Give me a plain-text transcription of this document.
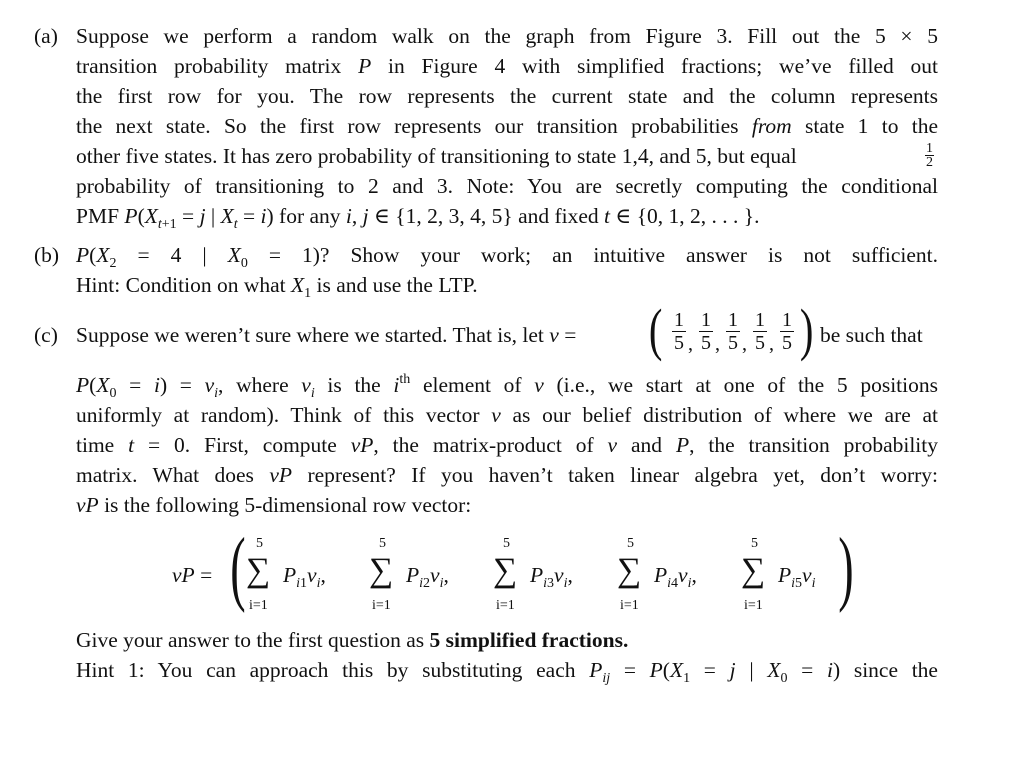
(a) Suppose we perform a random walk on the graph from Figure 3. Fill out the 5 × 5
transition probability matrix P in Figure 4 with simplified fractions; we’ve filled out
the first row for you. The row represents the current state and the column represents
the next state. So the first row represents our transition probabilities from state 1 to the
other five states. It has zero probability of transitioning to state 1,4, and 5, but equal	$\frac{1}{2}$
probability of transitioning to 2 and 3. Note: You are secretly computing the conditional
PMF $P(X_{t+1} = j$ | $X_t = i$) for any i, j ∈ {1, 2, 3, 4, 5} and fixed t ∈ {0, 1, 2, . . . }.
(b) $P(X_2 = 4$ | $X_0 = 1$)? Show your work; an intuitive answer is not sufficient.
Hint: Condition on what $X_1$ is and use the LTP.
(c) Suppose we weren’t sure where we started. That is, let v = ( 1
5 ,
1
5 ,
1
5 ,
1
5 ,
1
5 ) be such that
$P(X_0 = i) = v_i$, where $v_i$ is the $i^{th}$ element of v (i.e., we start at one of the 5 positions
uniformly at random). Think of this vector v as our belief distribution of where we are at
time t = 0. First, compute vP, the matrix-product of v and P, the transition probability
matrix. What does vP represent? If you haven’t taken linear algebra yet, don’t worry:
vP is the following 5-dimensional row vector:
vP = ( 5
∑
i=1
$P_{i1}v_i$,
5
∑
i=1
$P_{i2}v_i$,
5
∑
i=1
$P_{i3}v_i$,
5
∑
i=1
$P_{i4}v_i$,
5
∑
i=1
$P_{i5}v_i$ )
Give your answer to the first question as 5 simplified fractions.
Hint 1: You can approach this by substituting each $P_{ij} = P(X_1 = j$ | $X_0 = i$) since the
